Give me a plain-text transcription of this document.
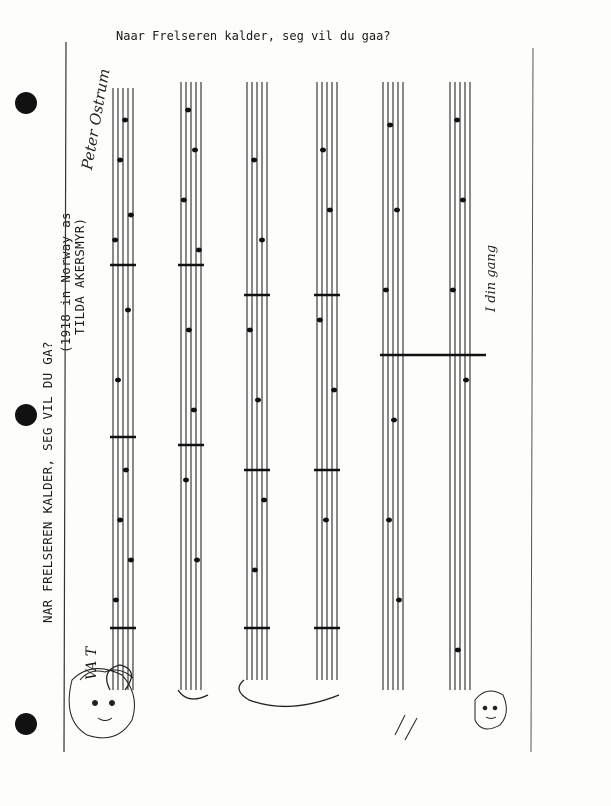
Naar Frelseren kalder, seg vil du gaa?
NAR FRELSEREN KALDER, SEG VIL DU GA?
(1918 in Norway as TILDA AKERSMYR)
VA T
Peter Ostrum
I din gang
